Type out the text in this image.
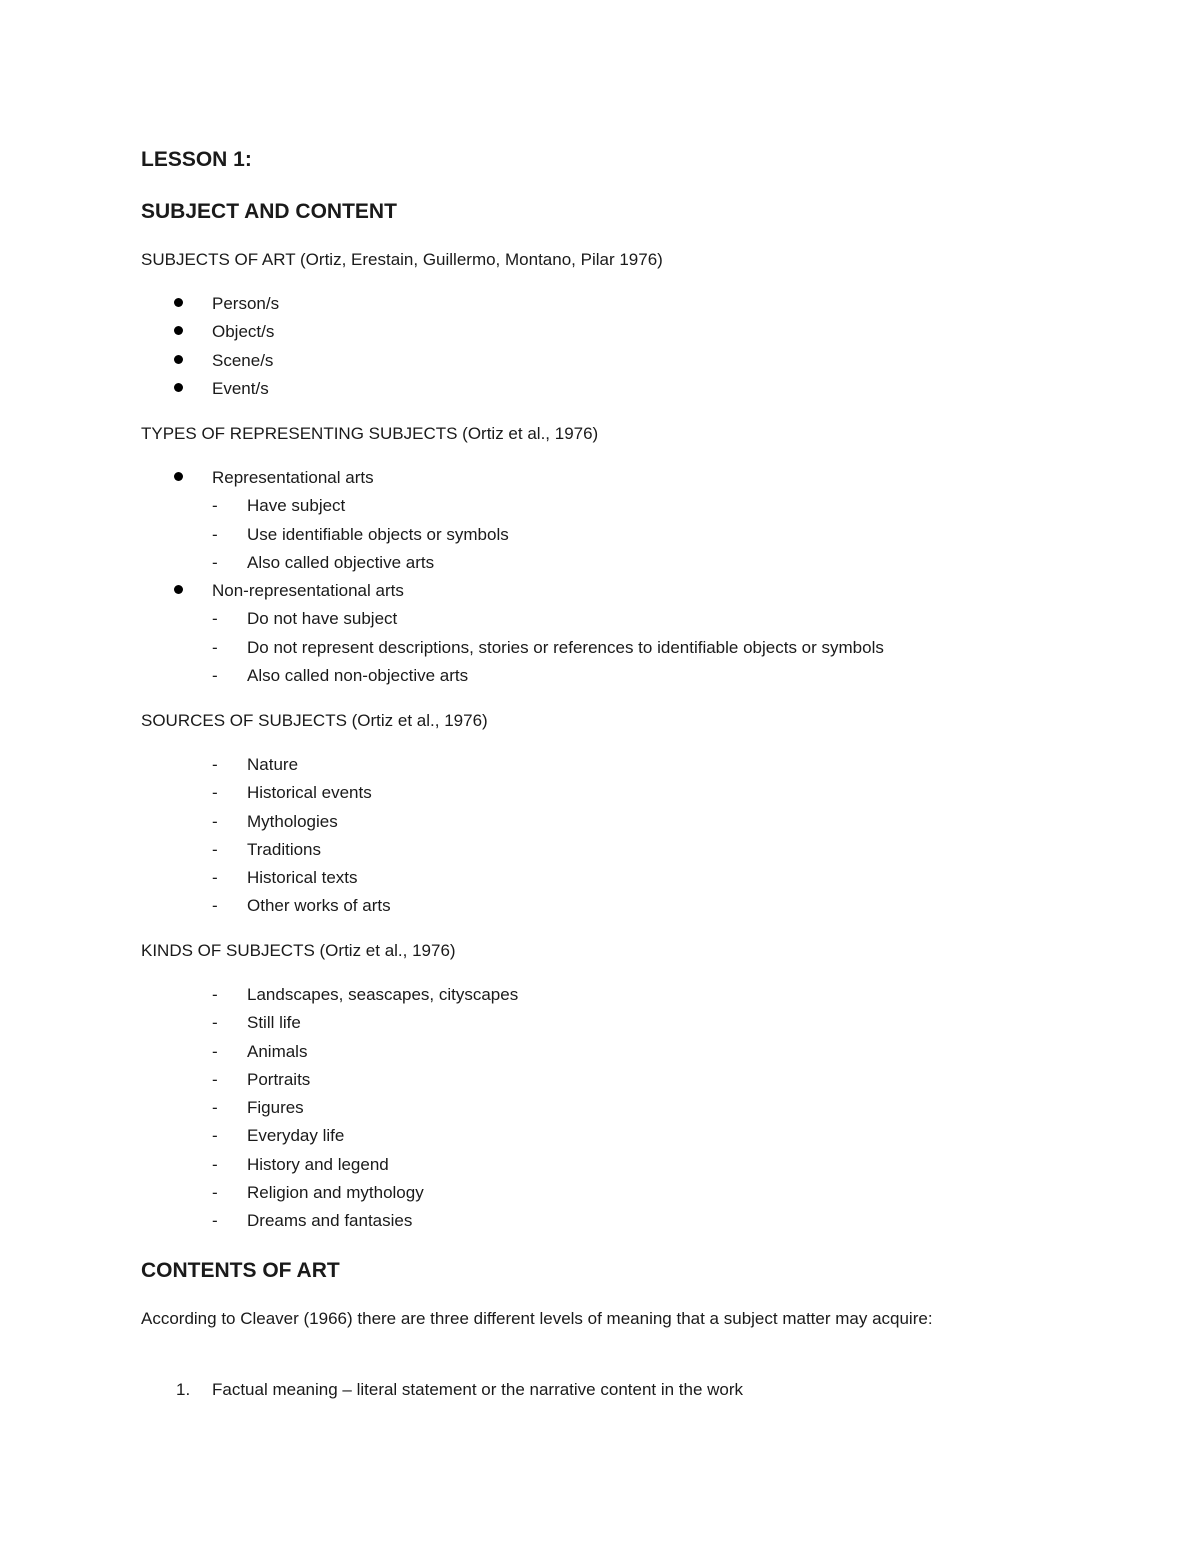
LESSON 1:
SUBJECT AND CONTENT
SUBJECTS OF ART (Ortiz, Erestain, Guillermo, Montano, Pilar 1976)
Person/s
Object/s
Scene/s
Event/s
TYPES OF REPRESENTING SUBJECTS (Ortiz et al., 1976)
Representational arts
- Have subject
- Use identifiable objects or symbols
- Also called objective arts
Non-representational arts
- Do not have subject
- Do not represent descriptions, stories or references to identifiable objects or symbols
- Also called non-objective arts
SOURCES OF SUBJECTS (Ortiz et al., 1976)
- Nature
- Historical events
- Mythologies
- Traditions
- Historical texts
- Other works of arts
KINDS OF SUBJECTS (Ortiz et al., 1976)
- Landscapes, seascapes, cityscapes
- Still life
- Animals
- Portraits
- Figures
- Everyday life
- History and legend
- Religion and mythology
- Dreams and fantasies
CONTENTS OF ART
According to Cleaver (1966) there are three different levels of meaning that a subject matter may acquire:
1. Factual meaning – literal statement or the narrative content in the work
